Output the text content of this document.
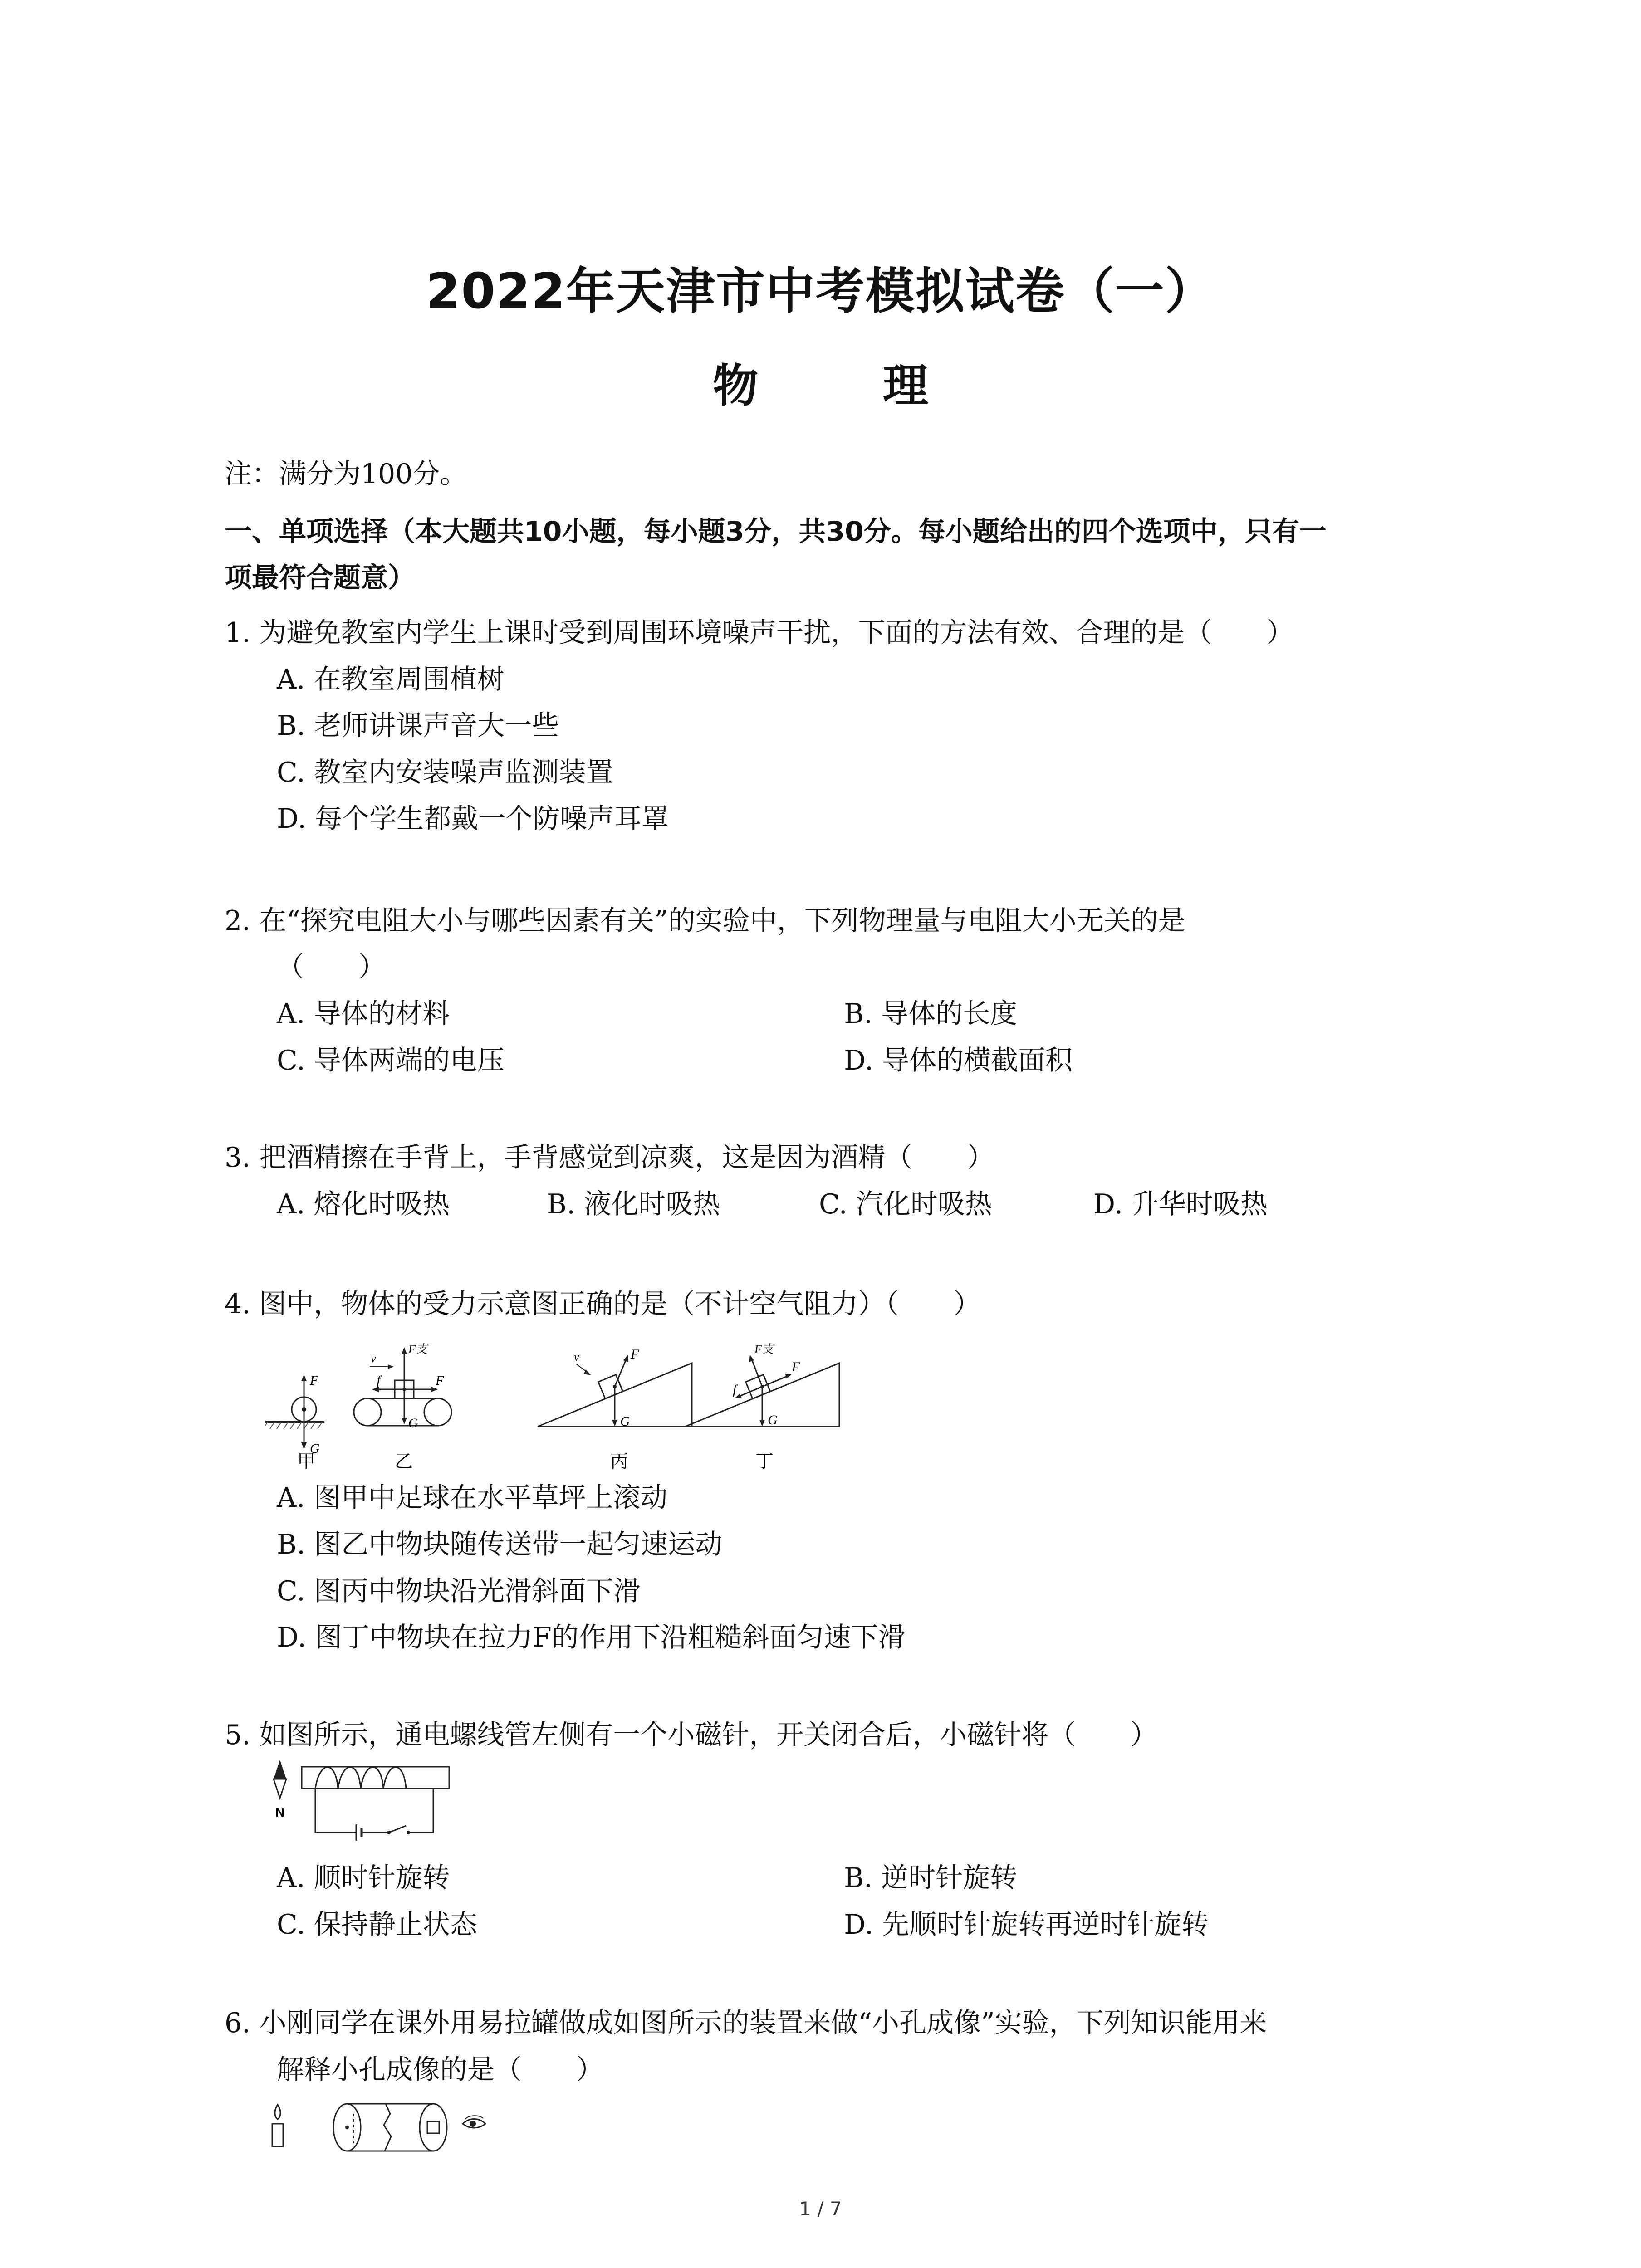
2022年天津市中考模拟试卷（一）
物 理
注：满分为100分。
一、单项选择（本大题共10小题，每小题3分，共30分。每小题给出的四个选项中，只有一
项最符合题意）
1. 为避免教室内学生上课时受到周围环境噪声干扰，下面的方法有效、合理的是（　　）
A. 在教室周围植树
B. 老师讲课声音大一些
C. 教室内安装噪声监测装置
D. 每个学生都戴一个防噪声耳罩
2. 在“探究电阻大小与哪些因素有关”的实验中，下列物理量与电阻大小无关的是
（　　）
A. 导体的材料	B. 导体的长度
C. 导体两端的电压	D. 导体的横截面积
3. 把酒精擦在手背上，手背感觉到凉爽，这是因为酒精（　　）
A. 熔化时吸热	B. 液化时吸热	C. 汽化时吸热	D. 升华时吸热
4. 图中，物体的受力示意图正确的是（不计空气阻力）（　　）
F
G
v
F支
F
f
G
v	F
G
F支
F
f
G
甲	乙	丙	丁
A. 图甲中足球在水平草坪上滚动
B. 图乙中物块随传送带一起匀速运动
C. 图丙中物块沿光滑斜面下滑
D. 图丁中物块在拉力F的作用下沿粗糙斜面匀速下滑
5. 如图所示，通电螺线管左侧有一个小磁针，开关闭合后，小磁针将（　　）
N
A. 顺时针旋转	B. 逆时针旋转
C. 保持静止状态	D. 先顺时针旋转再逆时针旋转
6. 小刚同学在课外用易拉罐做成如图所示的装置来做“小孔成像”实验，下列知识能用来
解释小孔成像的是（　　）
1 / 7
